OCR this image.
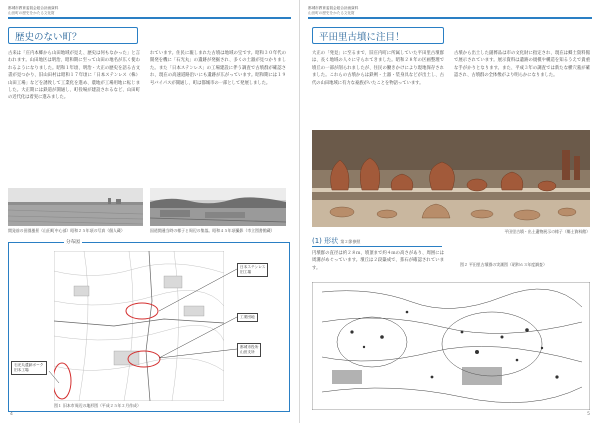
都城市教育委員会総合計画資料
山田町の歴史をかたる文化財
歴史のない町？

古来は「庄内本郷から山田地域が見え、歴史は何もなかった」と言われます。山田地区は明治、昭和期に至って山田の地名が広く使われるようになりました。昭和１年頃、明治・大正の歴史を語る古文書が見つかり、旧山田村は昭和１７年頃に「日本ステンレス（株）山田工場」などを誘致して工業化を進め、農地が工場用地に転じました。大正期には鉄道が開通し、町役場が建設されるなど、山田町の近代化は着実に進みました。

れています。住民に親しまれた古墳は地域の宝です。昭和３０年代の開発を機に「石光丸」の遺跡が発掘され、多くの土器が見つかりました。また「日本ステンレス」の工場建設に伴う調査で古墳群が確認され、現在の高速道路沿いにも遺跡が広がっています。昭和期には１９号バイパスが開通し、町は都城市の一部として発展しました。

開発前の田園風景（山田町中心部）昭和２５年頃の写真（個人蔵）	国道開通当時の様子と周辺の集落。昭和４５年頃撮影（市立図書館蔵）
分布図
日本ステンレス
旧工場
工業団地
都城市役所
山田支所
石光丸遺跡ポーク
旧本工場
図１ 旧本市周辺の地形図（平成２５年２月作成）
4
都城市教育委員会総合計画資料
山田町の歴史をかたる文化財
平田里古墳に注目！

大正の「発見」に至るまで、旧庄内町に所属していた平田里古墳群は、長く地域の人々に守られてきました。昭和２８年の区画整理で墳丘の一部が削られましたが、住民の働きかけにより現地保存されました。これらの古墳からは鉄剣・土器・装身具などが出土し、古代の山田地域に有力な豪族がいたことを物語っています。

古墳から出土した副葬品は市の文化財に指定され、現在は郷土資料館で展示されています。展示資料は遺跡の規模や構造を知るうえで貴重な手がかりとなります。また、平成３年の調査では新たな横穴墓が確認され、古墳群の全体像がより明らかになりました。

平田里古墳・出土遺物展示の様子（郷土資料館）
(1) 形状 第２節参照

円墳群の直径は約２８ｍ、墳頂まで約４ｍの高さがあり、周囲には周溝がめぐっています。墳丘は２段築成で、葺石が確認されています。

図２ 平田里古墳群の実測図（昭和６３年度調査）
5
